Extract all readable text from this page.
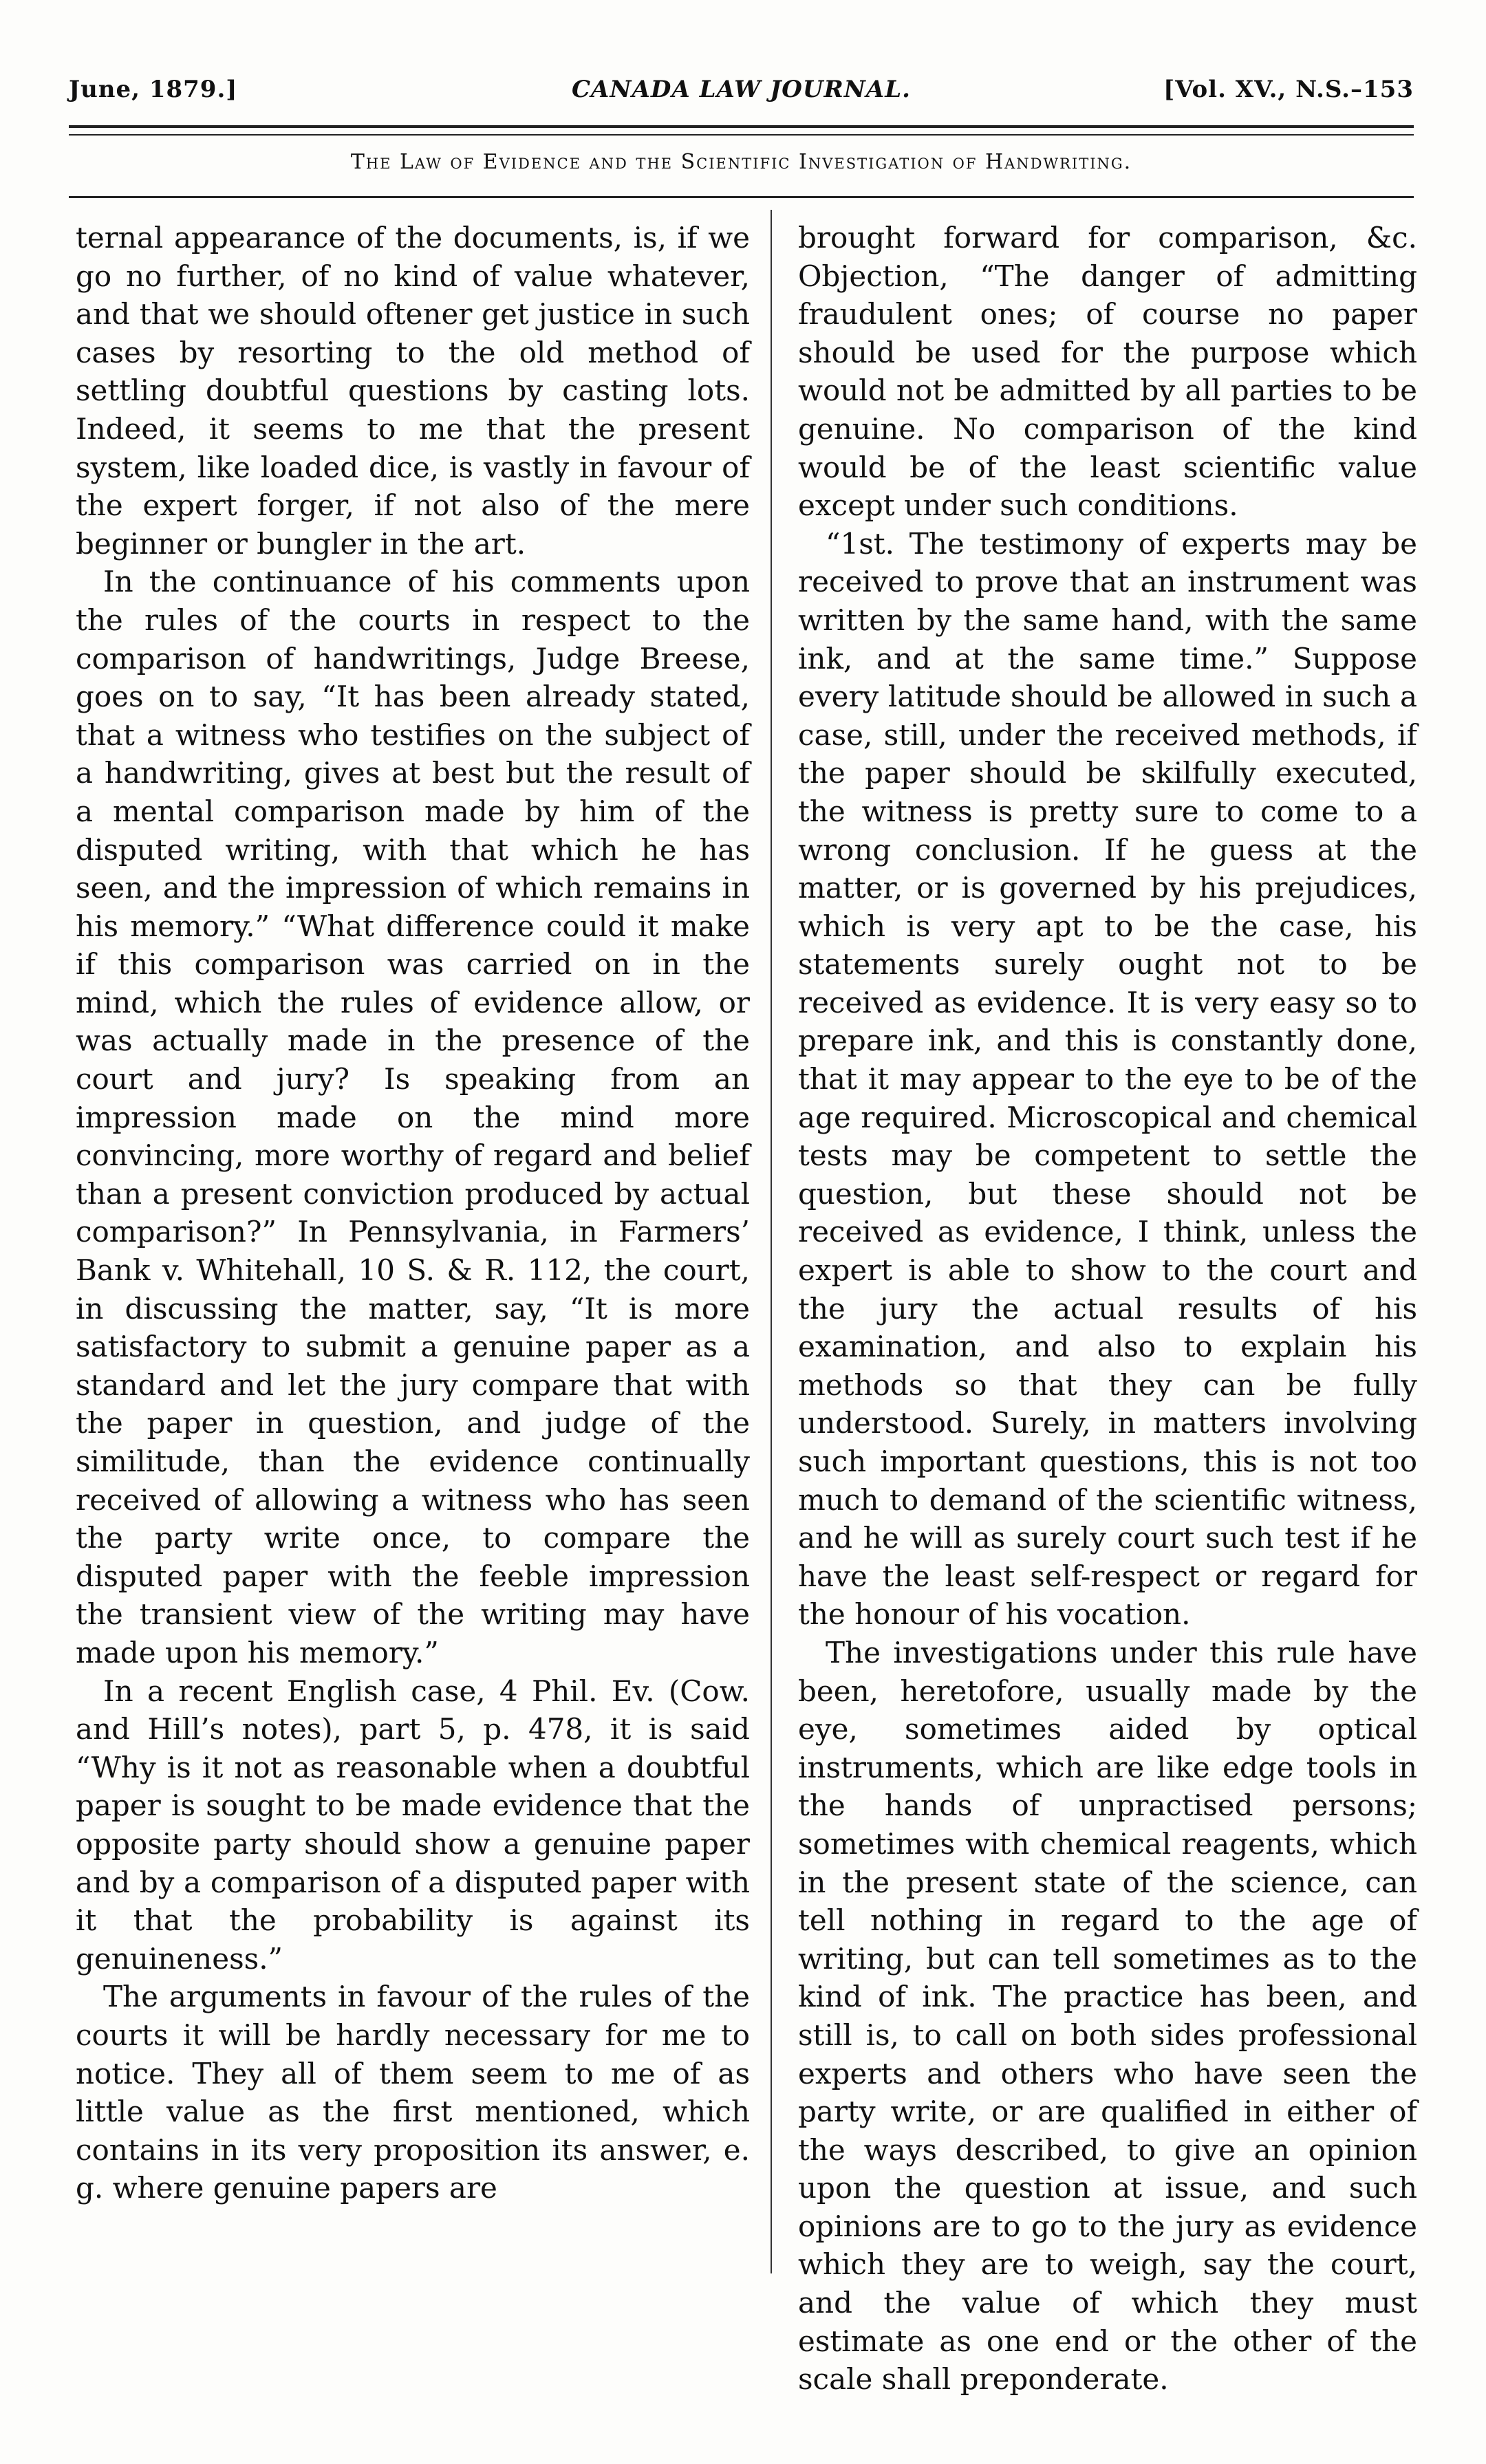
June, 1879.]	CANADA LAW JOURNAL.	[Vol. XV., N.S.–153
The Law of Evidence and the Scientific Investigation of Handwriting.

ternal appearance of the documents, is, if we go no further, of no kind of value whatever, and that we should oftener get justice in such cases by resorting to the old method of settling doubtful questions by casting lots. Indeed, it seems to me that the present system, like loaded dice, is vastly in favour of the expert forger, if not also of the mere beginner or bungler in the art.

In the continuance of his comments upon the rules of the courts in respect to the comparison of handwritings, Judge Breese, goes on to say, “It has been already stated, that a witness who testifies on the subject of a handwriting, gives at best but the result of a mental comparison made by him of the disputed writing, with that which he has seen, and the impression of which remains in his memory.” “What difference could it make if this comparison was carried on in the mind, which the rules of evidence allow, or was actually made in the presence of the court and jury? Is speaking from an impression made on the mind more convincing, more worthy of regard and belief than a present conviction produced by actual comparison?” In Pennsylvania, in Farmers’ Bank v. Whitehall, 10 S. & R. 112, the court, in discussing the matter, say, “It is more satisfactory to submit a genuine paper as a standard and let the jury compare that with the paper in question, and judge of the similitude, than the evidence continually received of allowing a witness who has seen the party write once, to compare the disputed paper with the feeble impression the transient view of the writing may have made upon his memory.”

In a recent English case, 4 Phil. Ev. (Cow. and Hill’s notes), part 5, p. 478, it is said “Why is it not as reasonable when a doubtful paper is sought to be made evidence that the opposite party should show a genuine paper and by a comparison of a disputed paper with it that the probability is against its genuineness.”

The arguments in favour of the rules of the courts it will be hardly necessary for me to notice. They all of them seem to me of as little value as the first mentioned, which contains in its very proposition its answer, e. g. where genuine papers are

brought forward for comparison, &c. Objection, “The danger of admitting fraudulent ones; of course no paper should be used for the purpose which would not be admitted by all parties to be genuine. No comparison of the kind would be of the least scientific value except under such conditions.

“1st. The testimony of experts may be received to prove that an instrument was written by the same hand, with the same ink, and at the same time.” Suppose every latitude should be allowed in such a case, still, under the received methods, if the paper should be skilfully executed, the witness is pretty sure to come to a wrong conclusion. If he guess at the matter, or is governed by his prejudices, which is very apt to be the case, his statements surely ought not to be received as evidence. It is very easy so to prepare ink, and this is constantly done, that it may appear to the eye to be of the age required. Microscopical and chemical tests may be competent to settle the question, but these should not be received as evidence, I think, unless the expert is able to show to the court and the jury the actual results of his examination, and also to explain his methods so that they can be fully understood. Surely, in matters involving such important questions, this is not too much to demand of the scientific witness, and he will as surely court such test if he have the least self-respect or regard for the honour of his vocation.

The investigations under this rule have been, heretofore, usually made by the eye, sometimes aided by optical instruments, which are like edge tools in the hands of unpractised persons; sometimes with chemical reagents, which in the present state of the science, can tell nothing in regard to the age of writing, but can tell sometimes as to the kind of ink. The practice has been, and still is, to call on both sides professional experts and others who have seen the party write, or are qualified in either of the ways described, to give an opinion upon the question at issue, and such opinions are to go to the jury as evidence which they are to weigh, say the court, and the value of which they must estimate as one end or the other of the scale shall preponderate.
